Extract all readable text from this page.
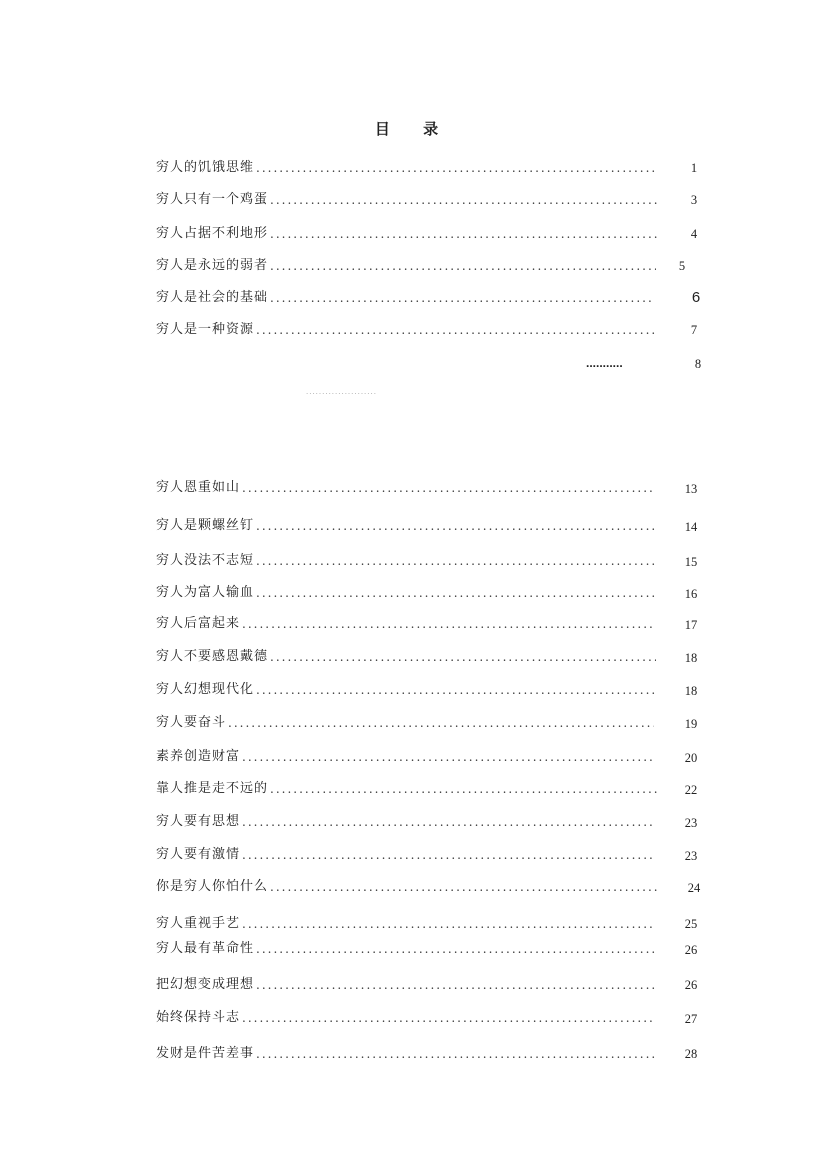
目 录
穷人的饥饿思维 .....	1
穷人只有一个鸡蛋 .....	3
穷人占据不利地形 .....	4
穷人是永远的弱者 .....	5
穷人是社会的基础 .....	6
穷人是一种资源 .....	7
...........	8
......................
穷人恩重如山 .....	13
穷人是颗螺丝钉 .....	14
穷人没法不志短 .....	15
穷人为富人输血 .....	16
穷人后富起来 .....	17
穷人不要感恩戴德 .....	18
穷人幻想现代化 .....	18
穷人要奋斗 .....	19
素养创造财富 .....	20
靠人推是走不远的 .....	22
穷人要有思想 .....	23
穷人要有激情 .....	23
你是穷人你怕什么 .....	24
穷人重视手艺 .....	25
穷人最有革命性 .....	26
把幻想变成理想 .....	26
始终保持斗志 .....	27
发财是件苦差事 .....	28
